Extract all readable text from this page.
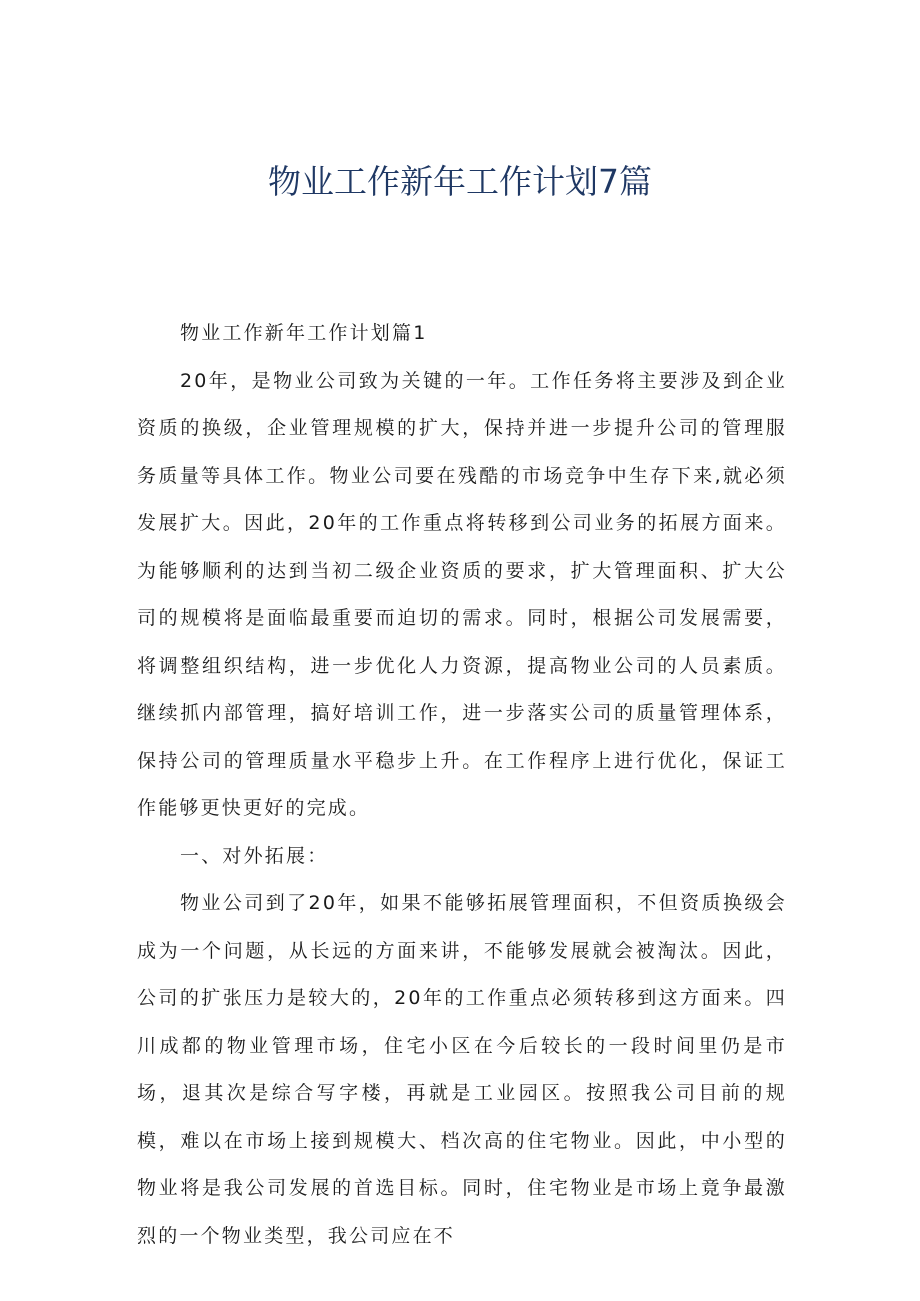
物业工作新年工作计划7篇

物业工作新年工作计划篇1

20年，是物业公司致为关键的一年。工作任务将主要涉及到企业资质的换级，企业管理规模的扩大，保持并进一步提升公司的管理服务质量等具体工作。物业公司要在残酷的市场竞争中生存下来,就必须发展扩大。因此，20年的工作重点将转移到公司业务的拓展方面来。为能够顺利的达到当初二级企业资质的要求，扩大管理面积、扩大公司的规模将是面临最重要而迫切的需求。同时，根据公司发展需要，将调整组织结构，进一步优化人力资源，提高物业公司的人员素质。继续抓内部管理，搞好培训工作，进一步落实公司的质量管理体系，保持公司的管理质量水平稳步上升。在工作程序上进行优化，保证工作能够更快更好的完成。

一、对外拓展：

物业公司到了20年，如果不能够拓展管理面积，不但资质换级会成为一个问题，从长远的方面来讲，不能够发展就会被淘汰。因此，公司的扩张压力是较大的，20年的工作重点必须转移到这方面来。四川成都的物业管理市场，住宅小区在今后较长的一段时间里仍是市场，退其次是综合写字楼，再就是工业园区。按照我公司目前的规模，难以在市场上接到规模大、档次高的住宅物业。因此，中小型的物业将是我公司发展的首选目标。同时，住宅物业是市场上竟争最激烈的一个物业类型，我公司应在不
